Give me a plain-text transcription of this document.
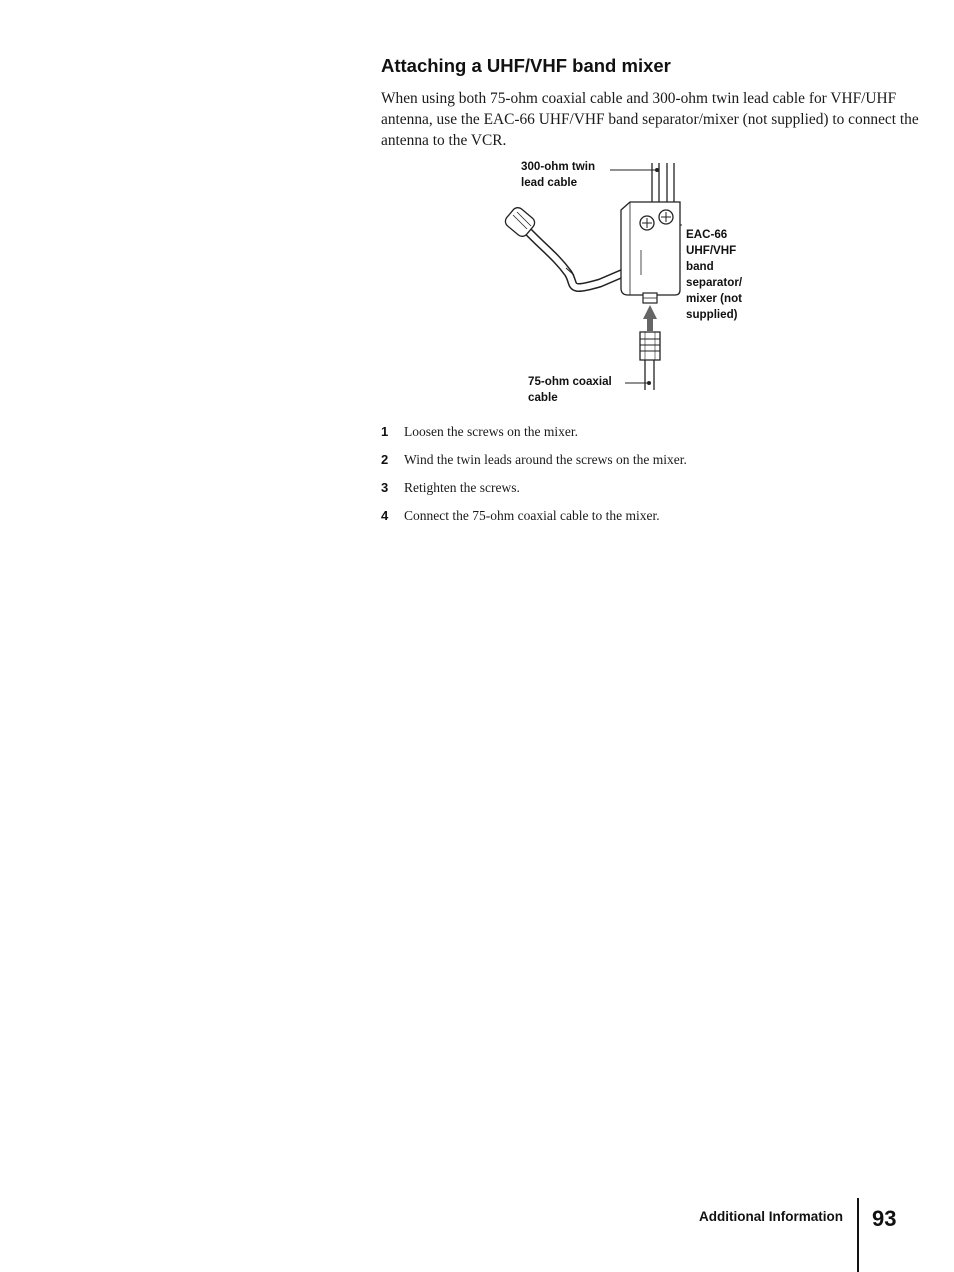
Attaching a UHF/VHF band mixer

When using both 75-ohm coaxial cable and 300-ohm twin lead cable for VHF/UHF antenna, use the EAC-66 UHF/VHF band separator/mixer (not supplied) to connect the antenna to the VCR.

300-ohm twin lead cable
EAC-66 UHF/VHF band separator/ mixer (not supplied)
75-ohm coaxial cable
1	Loosen the screws on the mixer.
2	Wind the twin leads around the screws on the mixer.
3	Retighten the screws.
4	Connect the 75-ohm coaxial cable to the mixer.
Additional Information 93
